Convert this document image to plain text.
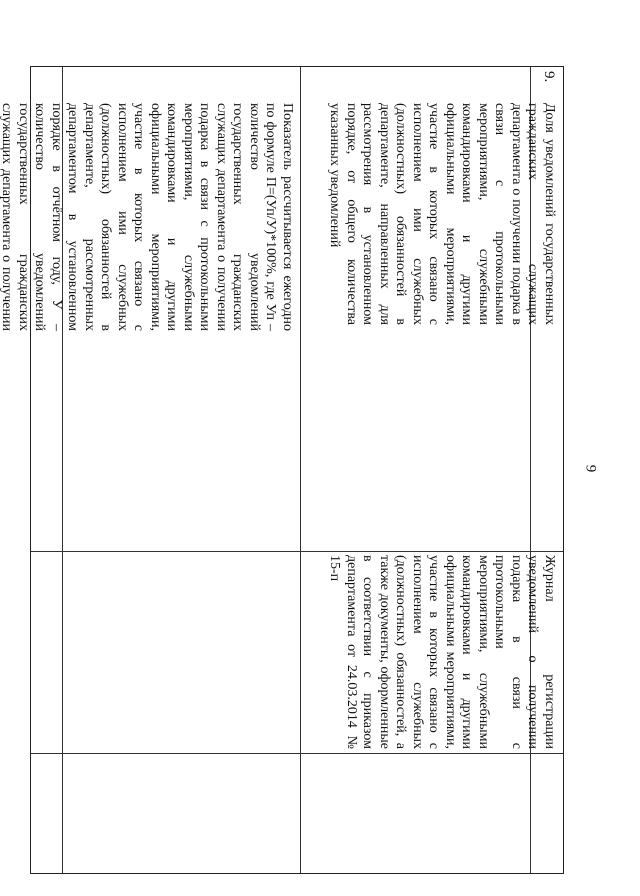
9
9.
Доля уведомлений государственных гражданских служащих департамента о получении подарка в связи с протокольными мероприятиями, служебными командировками и другими официальными мероприятиями, участие в которых связано с исполнением ими служебных (должностных) обязанностей в департаменте, направленных для рассмотрения в установленном порядке, от общего количества указанных уведомлений
Показатель рассчитывается ежегодно по формуле П=(Уп/У)*100%, где Уп – количество уведомлений государственных гражданских служащих департамента о получении подарка в связи с протокольными мероприятиями, служебными командировками и другими официальными мероприятиями, участие в которых связано с исполнением ими служебных (должностных) обязанностей в департаменте, рассмотренных департаментом в установленном порядке в отчётном году, У – количество уведомлений государственных гражданских служащих департамента о получении
Журнал регистрации уведомлений о получении подарка в связи с протокольными мероприятиями, служебными командировками и другими официальными мероприятиями, участие в которых связано с исполнением служебных (должностных) обязанностей, а также документы, оформленные в соответствии с приказом департамента от 24.03.2014 № 15-п
